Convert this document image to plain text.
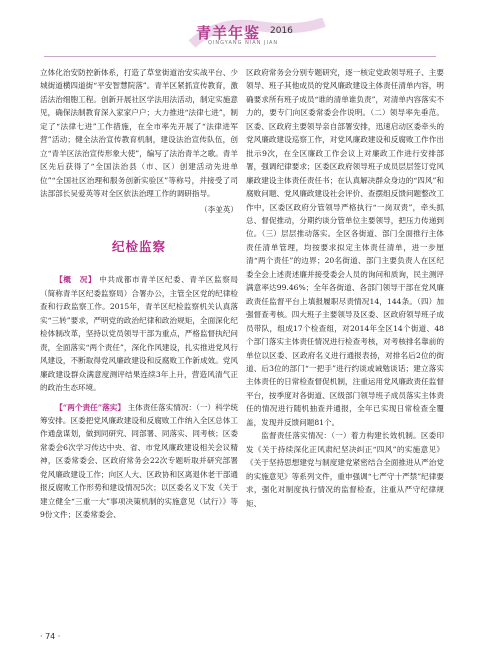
青羊年鉴 2016
QINGYANG NIAN JIAN

立体化治安防控新体系，打造了草堂街道治安实战平台、少城街道横四道街“平安智慧院落”。青羊区紧抓宣传教育，激活法治细胞工程。创新开展社区学法用法活动，制定实施意见，确保法制教育深入家家户户；大力推进“法律七进”，制定了“法律七进”工作措施，在全市率先开展了“法律进军营”活动；健全法治宣传教育机制，建设法治宣传队伍，创立“青羊区法治宣传形象大使”，编写了法治青羊之歌。青羊区先后获得了“全国法治县（市、区）创建活动先进单位”“全国社区治理和服务创新实验区”等称号，并接受了司法部部长吴爱英等对全区依法治理工作的调研指导。

（李並英）
纪检监察

【概　况】 中共成都市青羊区纪委、青羊区监察局（简称青羊区纪委监察局）合署办公，主管全区党的纪律检查和行政监察工作。2015年，青羊区纪检监察机关认真落实“三转”要求，严明党的政治纪律和政治规矩，全面深化纪检体制改革，坚持以党员领导干部为重点，严格监督执纪问责，全面落实“两个责任”，深化作风建设，扎实推进党风行风建设，不断取得党风廉政建设和反腐败工作新成效。党风廉政建设群众满意度测评结果连续3年上升，营造风清气正的政治生态环境。

【“两个责任”落实】 主体责任落实情况：（一）科学统筹安排。区委把党风廉政建设和反腐败工作纳入全区总体工作通盘谋划，做到同研究、同部署、同落实、同考核；区委常委会6次学习传达中央、省、市党风廉政建设相关会议精神，区委常委会、区政府常务会22次专题听取并研究部署党风廉政建设工作；向区人大、区政协和区离退休老干部通报反腐败工作形势和建设情况5次；以区委名义下发《关于建立健全“三重一大”事项决策机制的实施意见（试行）》等9份文件；区委常委会、

区政府常务会分别专题研究，逐一核定党政领导班子、主要领导、班子其他成员的党风廉政建设主体责任清单内容，明确要求所有班子成员“谁的清单谁负责”，对清单内容落实不力的，要专门向区委常委会作说明。（二）领导率先垂范。区委、区政府主要领导亲自部署安排，迅速启动区委牵头的党风廉政建设巡察工作，对党风廉政建设和反腐败工作作出批示9次，在全区廉政工作会议上对廉政工作进行安排部署，强调纪律要求；区委区政府领导班子成员层层签订党风廉政建设主体责任责任书；在认真解决群众身边的“四风”和腐败问题、党风廉政建设社会评价、查摆组反馈问题整改工作中，区委区政府分管领导严格执行“一岗双责”，牵头抓总、督促推动，分期约谈分管单位主要领导，把压力传递到位。（三）层层推动落实。全区各街道、部门全面推行主体责任清单管理，均按要求拟定主体责任清单，进一步厘清“两个责任”的边界；20名街道、部门主要负责人在区纪委全会上述责述廉并接受委会人员的询问和质询，民主测评满意率达99.46%；全年各街道、各部门领导干部在党风廉政责任监督平台上填报履职尽责情况14，144条。（四）加强督查考核。四大班子主要领导及区委、区政府领导班子成员带队，组成17个检查组，对2014年全区14个街道、48个部门落实主体责任情况进行检查考核，对考核排名靠前的单位以区委、区政府名义进行通报表扬，对排名后2位的街道、后3位的部门“一把手”进行约谈或诫勉谈话；建立落实主体责任的日常检查督促机制，注重运用党风廉政责任监督平台，按季度对各街道、区级部门领导班子成员落实主体责任的情况进行随机抽查并通报，全年已实现日常检查全覆盖，发现并反馈问题81个。

监督责任落实情况：（一）着力构建长效机制。区委印发《关于持续深化正风肃纪坚决纠正“四风”的实施意见》《关于坚持思想建党与制度建党紧密结合全面推进从严治党的实施意见》等系列文件，重申强调“七严守十严禁”纪律要求，强化对制度执行情况的监督检查，注重从严守纪律规矩、

· 74 ·
